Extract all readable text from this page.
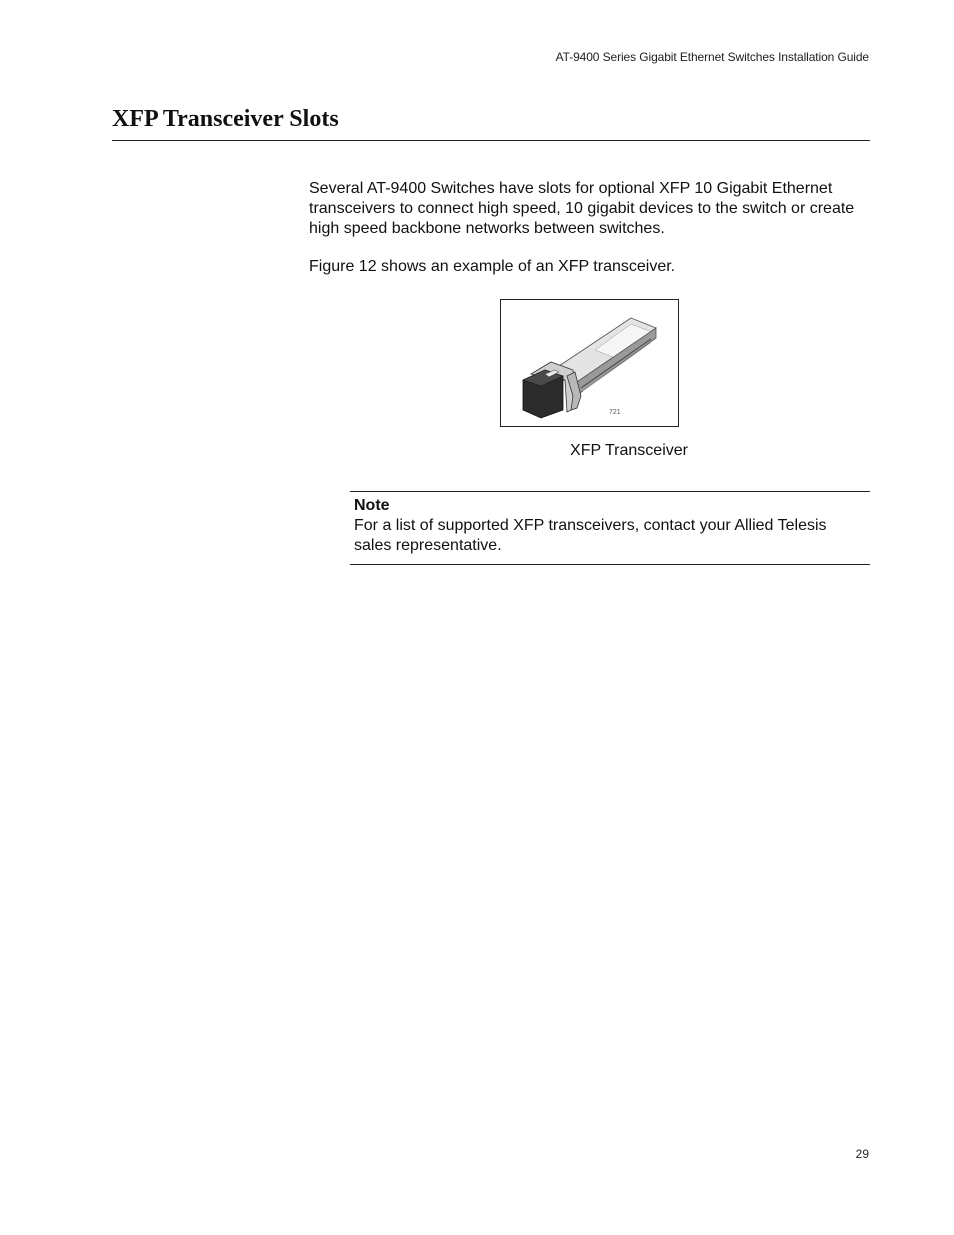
AT-9400 Series Gigabit Ethernet Switches Installation Guide
XFP Transceiver Slots

Several AT-9400 Switches have slots for optional XFP 10 Gigabit Ethernet transceivers to connect high speed, 10 gigabit devices to the switch or create high speed backbone networks between switches.

Figure 12 shows an example of an XFP transceiver.

721
XFP Transceiver

Note

For a list of supported XFP transceivers, contact your Allied Telesis sales representative.

29
